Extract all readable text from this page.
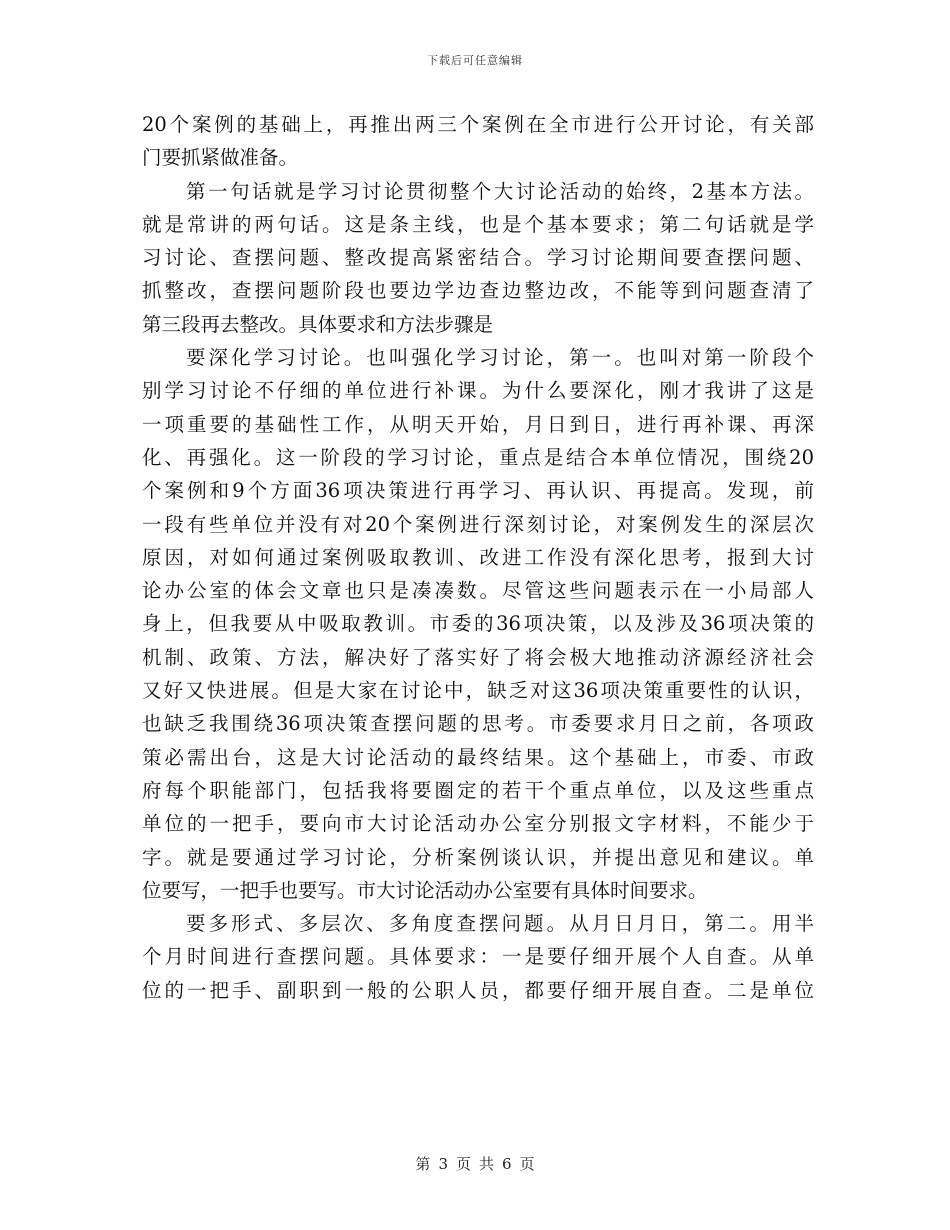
下载后可任意编辑
20个案例的基础上，再推出两三个案例在全市进行公开讨论，有关部
门要抓紧做准备。
第一句话就是学习讨论贯彻整个大讨论活动的始终，2基本方法。
就是常讲的两句话。这是条主线，也是个基本要求；第二句话就是学
习讨论、查摆问题、整改提高紧密结合。学习讨论期间要查摆问题、
抓整改，查摆问题阶段也要边学边查边整边改，不能等到问题查清了
第三段再去整改。具体要求和方法步骤是
要深化学习讨论。也叫强化学习讨论，第一。也叫对第一阶段个
别学习讨论不仔细的单位进行补课。为什么要深化，刚才我讲了这是
一项重要的基础性工作，从明天开始，月日到日，进行再补课、再深
化、再强化。这一阶段的学习讨论，重点是结合本单位情况，围绕20
个案例和9个方面36项决策进行再学习、再认识、再提高。发现，前
一段有些单位并没有对20个案例进行深刻讨论，对案例发生的深层次
原因，对如何通过案例吸取教训、改进工作没有深化思考，报到大讨
论办公室的体会文章也只是凑凑数。尽管这些问题表示在一小局部人
身上，但我要从中吸取教训。市委的36项决策，以及涉及36项决策的
机制、政策、方法，解决好了落实好了将会极大地推动济源经济社会
又好又快进展。但是大家在讨论中，缺乏对这36项决策重要性的认识，
也缺乏我围绕36项决策查摆问题的思考。市委要求月日之前，各项政
策必需出台，这是大讨论活动的最终结果。这个基础上，市委、市政
府每个职能部门，包括我将要圈定的若干个重点单位，以及这些重点
单位的一把手，要向市大讨论活动办公室分别报文字材料，不能少于
字。就是要通过学习讨论，分析案例谈认识，并提出意见和建议。单
位要写，一把手也要写。市大讨论活动办公室要有具体时间要求。
要多形式、多层次、多角度查摆问题。从月日月日，第二。用半
个月时间进行查摆问题。具体要求：一是要仔细开展个人自查。从单
位的一把手、副职到一般的公职人员，都要仔细开展自查。二是单位
第 3 页 共 6 页
